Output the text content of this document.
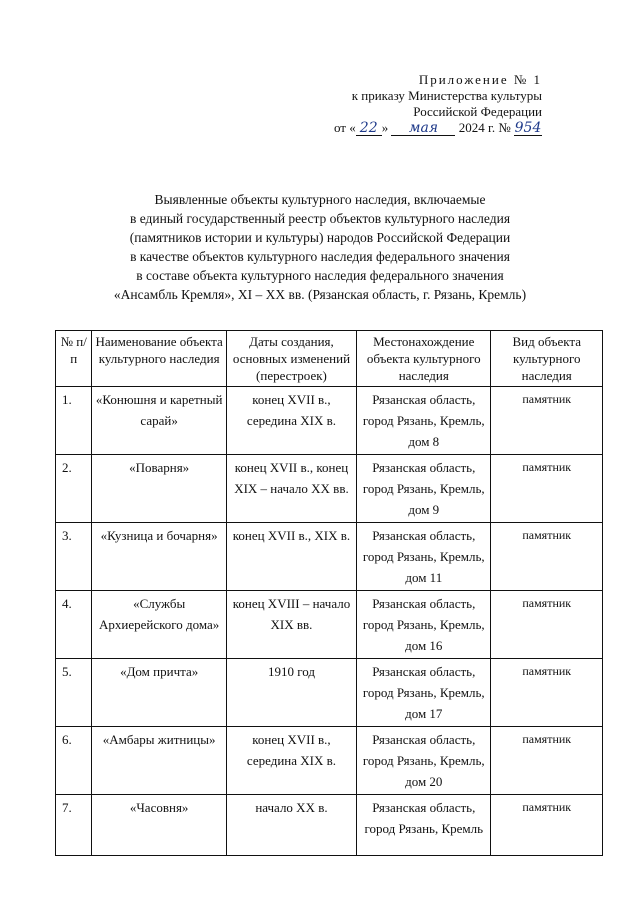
Приложение № 1
к приказу Министерства культуры
Российской Федерации
от « 22 » мая 2024 г. № 954
Выявленные объекты культурного наследия, включаемые
в единый государственный реестр объектов культурного наследия
(памятников истории и культуры) народов Российской Федерации
в качестве объектов культурного наследия федерального значения
в составе объекта культурного наследия федерального значения
«Ансамбль Кремля», XI – XX вв. (Рязанская область, г. Рязань, Кремль)
№ п/п	Наименование объекта культурного наследия	Даты создания, основных изменений (перестроек)	Местонахождение объекта культурного наследия	Вид объекта культурного наследия
1.	«Конюшня и каретный сарай»	конец XVII в., середина XIX в.	Рязанская область, город Рязань, Кремль, дом 8	памятник
2.	«Поварня»	конец XVII в., конец XIX – начало XX вв.	Рязанская область, город Рязань, Кремль, дом 9	памятник
3.	«Кузница и бочарня»	конец XVII в., XIX в.	Рязанская область, город Рязань, Кремль, дом 11	памятник
4.	«Службы Архиерейского дома»	конец XVIII – начало XIX вв.	Рязанская область, город Рязань, Кремль, дом 16	памятник
5.	«Дом причта»	1910 год	Рязанская область, город Рязань, Кремль, дом 17	памятник
6.	«Амбары житницы»	конец XVII в., середина XIX в.	Рязанская область, город Рязань, Кремль, дом 20	памятник
7.	«Часовня»	начало XX в.	Рязанская область, город Рязань, Кремль	памятник
